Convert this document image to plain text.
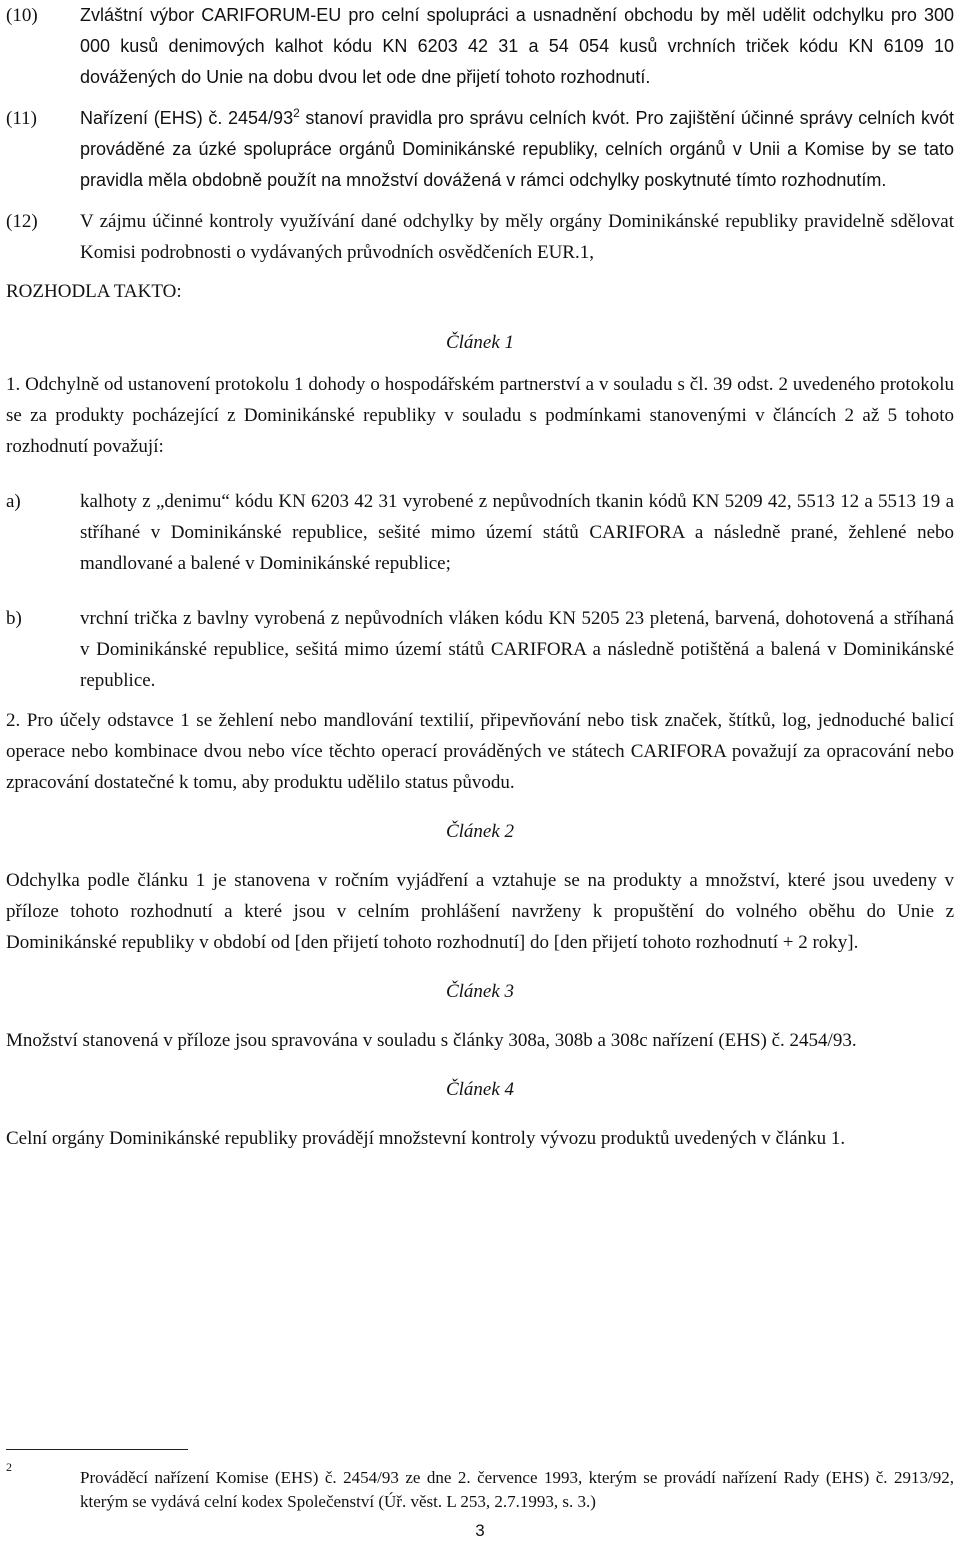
(10)	Zvláštní výbor CARIFORUM-EU pro celní spolupráci a usnadnění obchodu by měl udělit odchylku pro 300 000 kusů denimových kalhot kódu KN 6203 42 31 a 54 054 kusů vrchních triček kódu KN 6109 10 dovážených do Unie na dobu dvou let ode dne přijetí tohoto rozhodnutí.
(11)	Nařízení (EHS) č. $2454/93^2$ stanoví pravidla pro správu celních kvót. Pro zajištění účinné správy celních kvót prováděné za úzké spolupráce orgánů Dominikánské republiky, celních orgánů v Unii a Komise by se tato pravidla měla obdobně použít na množství dovážená v rámci odchylky poskytnuté tímto rozhodnutím.
(12)	V zájmu účinné kontroly využívání dané odchylky by měly orgány Dominikánské republiky pravidelně sdělovat Komisi podrobnosti o vydávaných průvodních osvědčeních EUR.1,
ROZHODLA TAKTO:
Článek 1
1. Odchylně od ustanovení protokolu 1 dohody o hospodářském partnerství a v souladu s čl. 39 odst. 2 uvedeného protokolu se za produkty pocházející z Dominikánské republiky v souladu s podmínkami stanovenými v článcích 2 až 5 tohoto rozhodnutí považují:
a)	kalhoty z „denimu“ kódu KN 6203 42 31 vyrobené z nepůvodních tkanin kódů KN 5209 42, 5513 12 a 5513 19 a stříhané v Dominikánské republice, sešité mimo území států CARIFORA a následně prané, žehlené nebo mandlované a balené v Dominikánské republice;
b)	vrchní trička z bavlny vyrobená z nepůvodních vláken kódu KN 5205 23 pletená, barvená, dohotovená a stříhaná v Dominikánské republice, sešitá mimo území států CARIFORA a následně potištěná a balená v Dominikánské republice.
2. Pro účely odstavce 1 se žehlení nebo mandlování textilií, připevňování nebo tisk značek, štítků, log, jednoduché balicí operace nebo kombinace dvou nebo více těchto operací prováděných ve státech CARIFORA považují za opracování nebo zpracování dostatečné k tomu, aby produktu udělilo status původu.
Článek 2
Odchylka podle článku 1 je stanovena v ročním vyjádření a vztahuje se na produkty a množství, které jsou uvedeny v příloze tohoto rozhodnutí a které jsou v celním prohlášení navrženy k propuštění do volného oběhu do Unie z Dominikánské republiky v období od [den přijetí tohoto rozhodnutí] do [den přijetí tohoto rozhodnutí + 2 roky].
Článek 3
Množství stanovená v příloze jsou spravována v souladu s články 308a, 308b a 308c nařízení (EHS) č. 2454/93.
Článek 4
Celní orgány Dominikánské republiky provádějí množstevní kontroly vývozu produktů uvedených v článku 1.
2
Prováděcí nařízení Komise (EHS) č. 2454/93 ze dne 2. července 1993, kterým se provádí nařízení Rady (EHS) č. 2913/92, kterým se vydává celní kodex Společenství (Úř. věst. L 253, 2.7.1993, s. 3.)
3
